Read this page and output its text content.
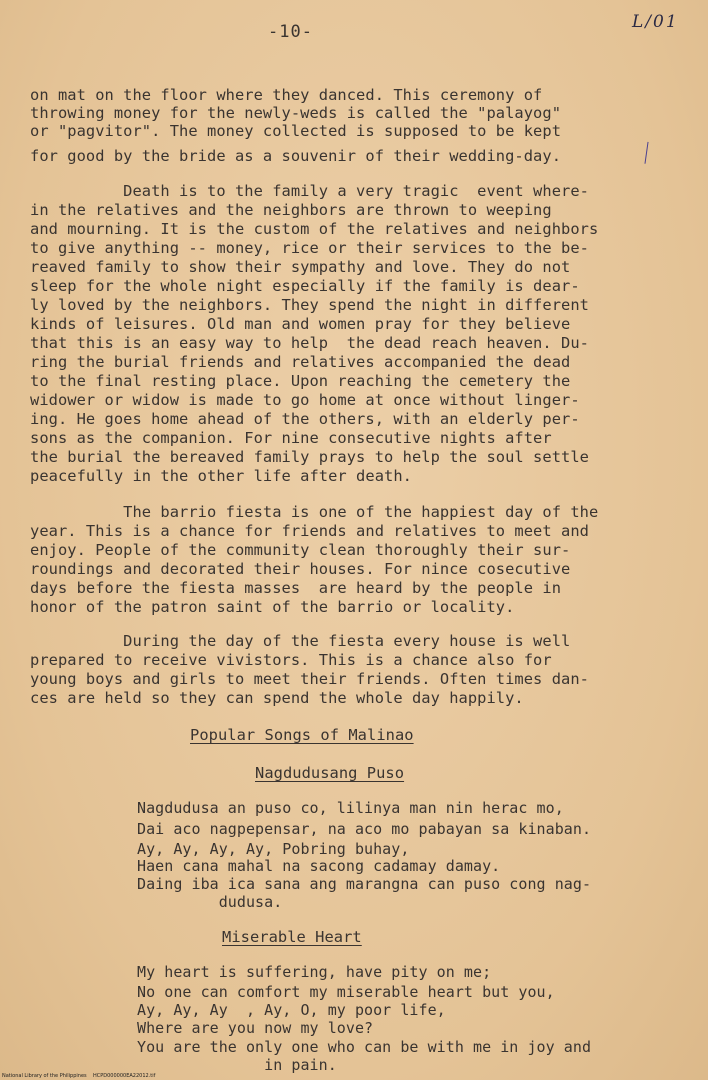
-10-	L/01
on mat on the floor where they danced. This ceremony of
throwing money for the newly-weds is called the "palayog"
or "pagvitor". The money collected is supposed to be kept
for good by the bride as a souvenir of their wedding-day.
Death is to the family a very tragic  event where-
in the relatives and the neighbors are thrown to weeping
and mourning. It is the custom of the relatives and neighbors
to give anything -- money, rice or their services to the be-
reaved family to show their sympathy and love. They do not
sleep for the whole night especially if the family is dear-
ly loved by the neighbors. They spend the night in different
kinds of leisures. Old man and women pray for they believe
that this is an easy way to help  the dead reach heaven. Du-
ring the burial friends and relatives accompanied the dead
to the final resting place. Upon reaching the cemetery the
widower or widow is made to go home at once without linger-
ing. He goes home ahead of the others, with an elderly per-
sons as the companion. For nine consecutive nights after
the burial the bereaved family prays to help the soul settle
peacefully in the other life after death.
The barrio fiesta is one of the happiest day of the
year. This is a chance for friends and relatives to meet and
enjoy. People of the community clean thoroughly their sur-
roundings and decorated their houses. For nince cosecutive
days before the fiesta masses  are heard by the people in
honor of the patron saint of the barrio or locality.
During the day of the fiesta every house is well
prepared to receive vivistors. This is a chance also for
young boys and girls to meet their friends. Often times dan-
ces are held so they can spend the whole day happily.
Popular Songs of Malinao
Nagdudusang Puso
Nagdudusa an puso co, lilinya man nin herac mo,
Dai aco nagpepensar, na aco mo pabayan sa kinaban.
Ay, Ay, Ay, Ay, Pobring buhay,
Haen cana mahal na sacong cadamay damay.
Daing iba ica sana ang marangna can puso cong nag-
dudusa.
Miserable Heart
My heart is suffering, have pity on me;
No one can comfort my miserable heart but you,
Ay, Ay, Ay  , Ay, O, my poor life,
Where are you now my love?
You are the only one who can be with me in joy and
in pain.
National Library of the Philippines    HCPD000000EA22012.tif
